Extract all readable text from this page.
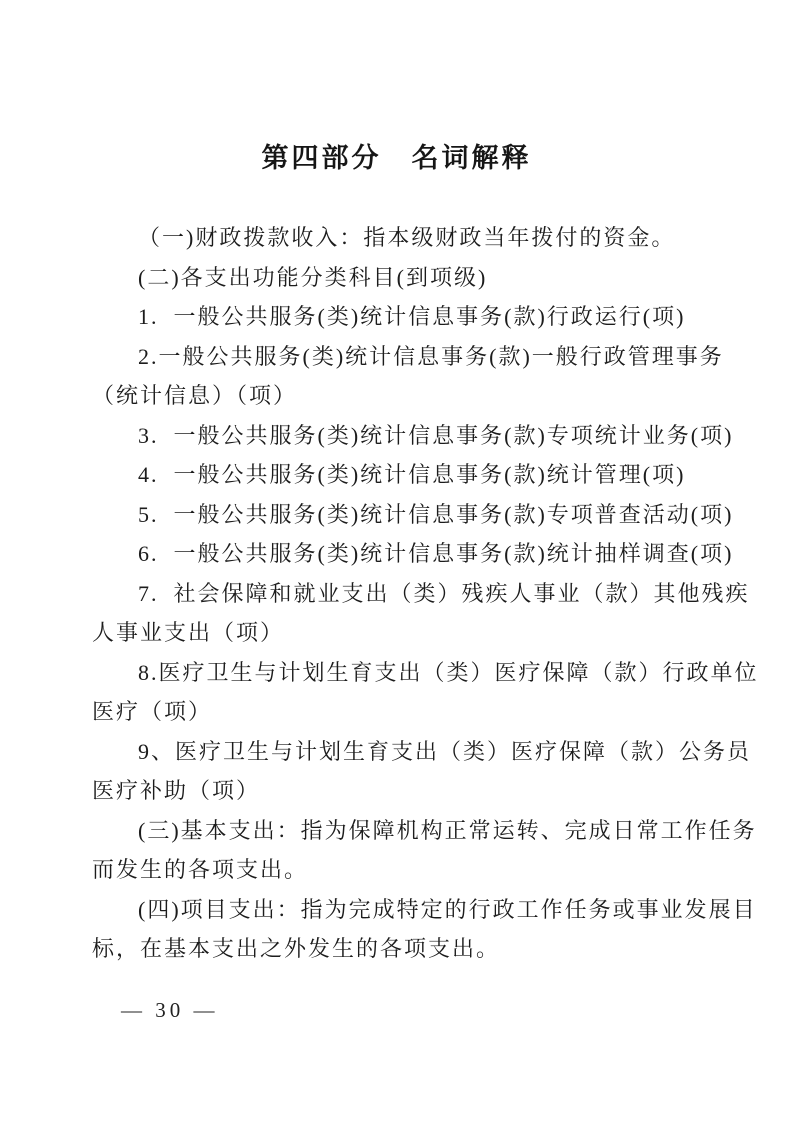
第四部分　名词解释
（一)财政拨款收入：指本级财政当年拨付的资金。
(二)各支出功能分类科目(到项级)
1.  一般公共服务(类)统计信息事务(款)行政运行(项)
2.一般公共服务(类)统计信息事务(款)一般行政管理事务
（统计信息）（项）
3.  一般公共服务(类)统计信息事务(款)专项统计业务(项)
4.  一般公共服务(类)统计信息事务(款)统计管理(项)
5.  一般公共服务(类)统计信息事务(款)专项普查活动(项)
6.  一般公共服务(类)统计信息事务(款)统计抽样调查(项)
7.  社会保障和就业支出（类）残疾人事业（款）其他残疾
人事业支出（项）
8.医疗卫生与计划生育支出（类）医疗保障（款）行政单位
医疗（项）
9、医疗卫生与计划生育支出（类）医疗保障（款）公务员
医疗补助（项）
(三)基本支出：指为保障机构正常运转、完成日常工作任务
而发生的各项支出。
(四)项目支出：指为完成特定的行政工作任务或事业发展目
标，在基本支出之外发生的各项支出。
— 30 —
